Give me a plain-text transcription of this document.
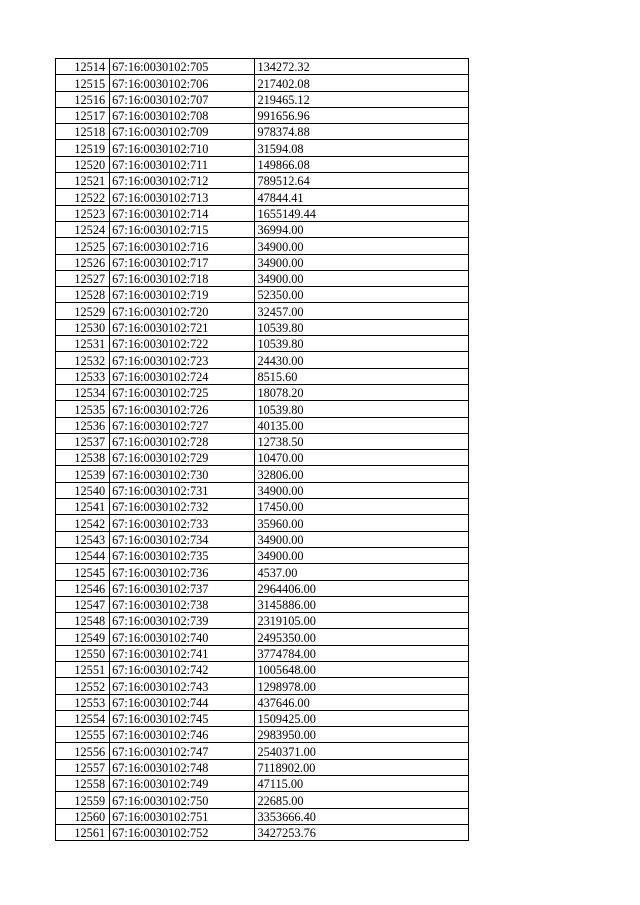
12514	67:16:0030102:705	134272.32
12515	67:16:0030102:706	217402.08
12516	67:16:0030102:707	219465.12
12517	67:16:0030102:708	991656.96
12518	67:16:0030102:709	978374.88
12519	67:16:0030102:710	31594.08
12520	67:16:0030102:711	149866.08
12521	67:16:0030102:712	789512.64
12522	67:16:0030102:713	47844.41
12523	67:16:0030102:714	1655149.44
12524	67:16:0030102:715	36994.00
12525	67:16:0030102:716	34900.00
12526	67:16:0030102:717	34900.00
12527	67:16:0030102:718	34900.00
12528	67:16:0030102:719	52350.00
12529	67:16:0030102:720	32457.00
12530	67:16:0030102:721	10539.80
12531	67:16:0030102:722	10539.80
12532	67:16:0030102:723	24430.00
12533	67:16:0030102:724	8515.60
12534	67:16:0030102:725	18078.20
12535	67:16:0030102:726	10539.80
12536	67:16:0030102:727	40135.00
12537	67:16:0030102:728	12738.50
12538	67:16:0030102:729	10470.00
12539	67:16:0030102:730	32806.00
12540	67:16:0030102:731	34900.00
12541	67:16:0030102:732	17450.00
12542	67:16:0030102:733	35960.00
12543	67:16:0030102:734	34900.00
12544	67:16:0030102:735	34900.00
12545	67:16:0030102:736	4537.00
12546	67:16:0030102:737	2964406.00
12547	67:16:0030102:738	3145886.00
12548	67:16:0030102:739	2319105.00
12549	67:16:0030102:740	2495350.00
12550	67:16:0030102:741	3774784.00
12551	67:16:0030102:742	1005648.00
12552	67:16:0030102:743	1298978.00
12553	67:16:0030102:744	437646.00
12554	67:16:0030102:745	1509425.00
12555	67:16:0030102:746	2983950.00
12556	67:16:0030102:747	2540371.00
12557	67:16:0030102:748	7118902.00
12558	67:16:0030102:749	47115.00
12559	67:16:0030102:750	22685.00
12560	67:16:0030102:751	3353666.40
12561	67:16:0030102:752	3427253.76
